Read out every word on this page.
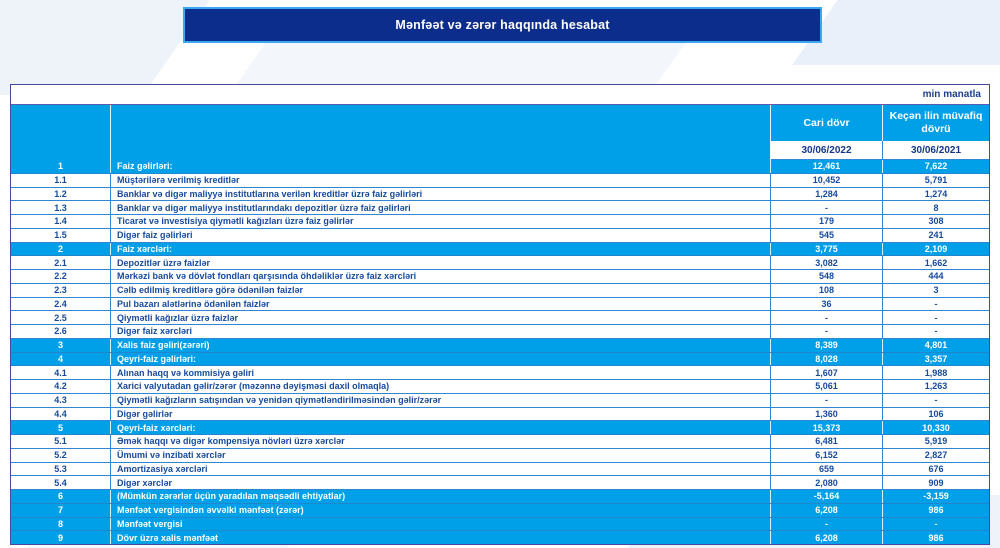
Mənfəət və zərər haqqında hesabat
min manatla
Cari dövr
Keçən ilin müvafiq dövrü
30/06/2022	30/06/2021
1	Faiz gəlirləri:	12,461	7,622
1.1	Müştərilərə verilmiş kreditlər	10,452	5,791
1.2	Banklar və digər maliyyə institutlarına verilən kreditlər üzrə faiz gəlirləri	1,284	1,274
1.3	Banklar və digər maliyyə institutlarındakı depozitlər üzrə faiz gəlirləri	-	8
1.4	Ticarət və investisiya qiymətli kağızları üzrə faiz gəlirlər	179	308
1.5	Digər faiz gəlirləri	545	241
2	Faiz xərcləri:	3,775	2,109
2.1	Depozitlər üzrə faizlər	3,082	1,662
2.2	Mərkəzi bank və dövlət fondları qarşısında öhdəliklər üzrə faiz xərcləri	548	444
2.3	Cəlb edilmiş kreditlərə görə ödənilən faizlər	108	3
2.4	Pul bazarı alətlərinə ödənilən faizlər	36	-
2.5	Qiymətli kağızlar üzrə faizlər	-	-
2.6	Digər faiz xərcləri	-	-
3	Xalis faiz gəliri(zərəri)	8,389	4,801
4	Qeyri-faiz gəlirləri:	8,028	3,357
4.1	Alınan haqq və kommisiya gəliri	1,607	1,988
4.2	Xarici valyutadan gəlir/zərər (məzənnə dəyişməsi daxil olmaqla)	5,061	1,263
4.3	Qiymətli kağızların satışından və yenidən qiymətləndirilməsindən gəlir/zərər	-	-
4.4	Digər gəlirlər	1,360	106
5	Qeyri-faiz xərcləri:	15,373	10,330
5.1	Əmək haqqı və digər kompensiya növləri üzrə xərclər	6,481	5,919
5.2	Ümumi və inzibati xərclər	6,152	2,827
5.3	Amortizasiya xərcləri	659	676
5.4	Digər xərclər	2,080	909
6	(Mümkün zərərlər üçün yaradılan məqsədli ehtiyatlar)	-5,164	-3,159
7	Mənfəət vergisindən əvvəlki mənfəət (zərər)	6,208	986
8	Mənfəət vergisi	-	-
9	Dövr üzrə xalis mənfəət	6,208	986
